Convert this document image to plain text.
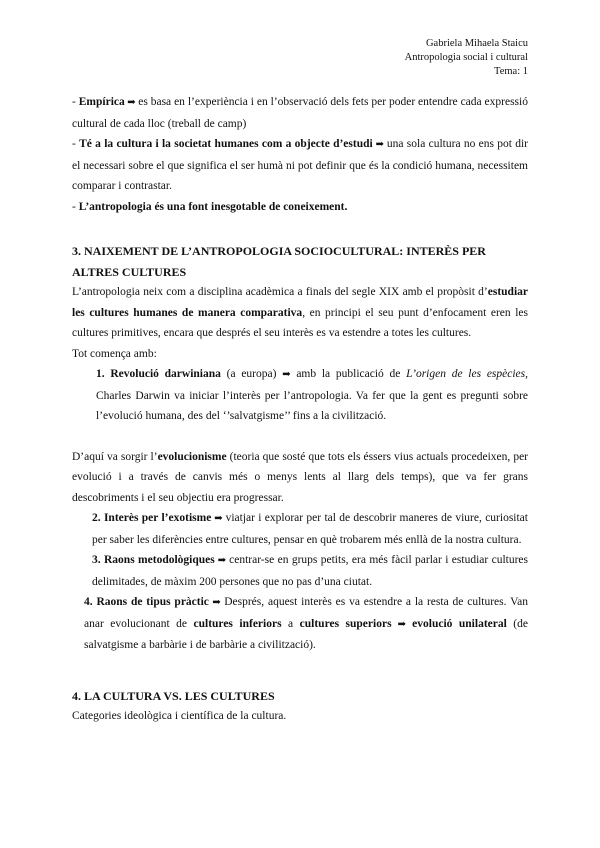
Gabriela Mihaela Staicu
Antropologia social i cultural
Tema: 1

- Empírica ➡ es basa en l’experiència i en l’observació dels fets per poder entendre cada expressió cultural de cada lloc (treball de camp)

- Té a la cultura i la societat humanes com a objecte d’estudi ➡ una sola cultura no ens pot dir el necessari sobre el que significa el ser humà ni pot definir que és la condició humana, necessitem comparar i contrastar.

- L’antropologia és una font inesgotable de coneixement.

3. NAIXEMENT DE L’ANTROPOLOGIA SOCIOCULTURAL: INTERÈS PER ALTRES CULTURES

L’antropologia neix com a disciplina acadèmica a finals del segle XIX amb el propòsit d’estudiar les cultures humanes de manera comparativa, en principi el seu punt d’enfocament eren les cultures primitives, encara que després el seu interès es va estendre a totes les cultures.

Tot comença amb:

1. Revolució darwiniana (a europa) ➡ amb la publicació de L’origen de les espècies, Charles Darwin va iniciar l’interès per l’antropologia. Va fer que la gent es pregunti sobre l’evolució humana, des del ‘’salvatgisme’’ fins a la civilització.

D’aquí va sorgir l’evolucionisme (teoria que sosté que tots els éssers vius actuals procedeixen, per evolució i a través de canvis més o menys lents al llarg dels temps), que va fer grans descobriments i el seu objectiu era progressar.

2. Interès per l’exotisme ➡ viatjar i explorar per tal de descobrir maneres de viure, curiositat per saber les diferències entre cultures, pensar en què trobarem més enllà de la nostra cultura.

3. Raons metodològiques ➡ centrar-se en grups petits, era més fàcil parlar i estudiar cultures delimitades, de màxim 200 persones que no pas d’una ciutat.

4. Raons de tipus pràctic ➡ Després, aquest interès es va estendre a la resta de cultures. Van anar evolucionant de cultures inferiors a cultures superiors ➡ evolució unilateral (de salvatgisme a barbàrie i de barbàrie a civilització).

4. LA CULTURA VS. LES CULTURES

Categories ideològica i científica de la cultura.
